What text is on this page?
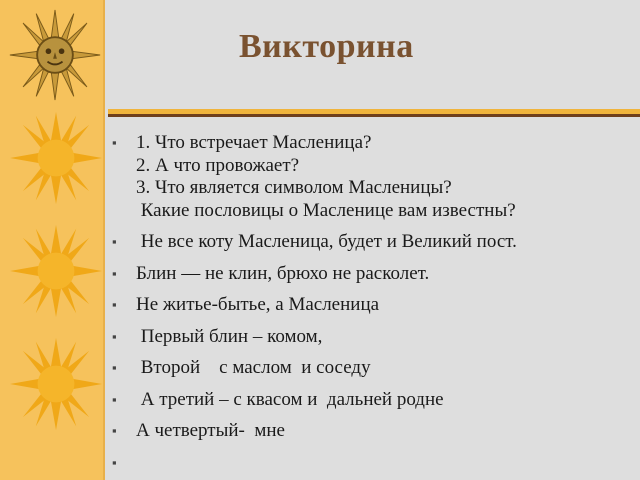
Викторина
▪ 1. Что встречает Масленица?
2. А что провожает?
3. Что является символом Масленицы?
Какие пословицы о Масленице вам известны?
▪ Не все коту Масленица, будет и Великий пост.
▪ Блин — не клин, брюхо не расколет.
▪ Не житье-бытье, а Масленица
▪ Первый блин – комом,
▪ Второй    с маслом  и соседу
▪ А третий – с квасом и  дальней родне
▪ А четвертый-  мне
▪
